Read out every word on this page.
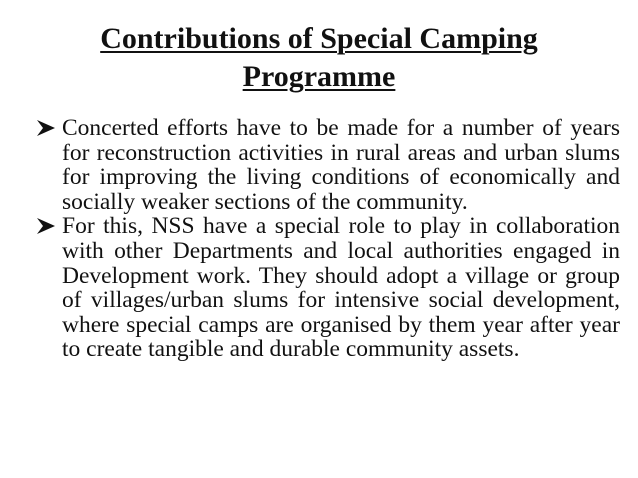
Contributions of Special Camping
Programme
Concerted efforts have to be made for a number of years for reconstruction activities in rural areas and urban slums for improving the living conditions of economically and socially weaker sections of the community.
For this, NSS have a special role to play in collaboration with other Departments and local authorities engaged in Development work. They should adopt a village or group of villages/urban slums for intensive social development, where special camps are organised by them year after year to create tangible and durable community assets.
